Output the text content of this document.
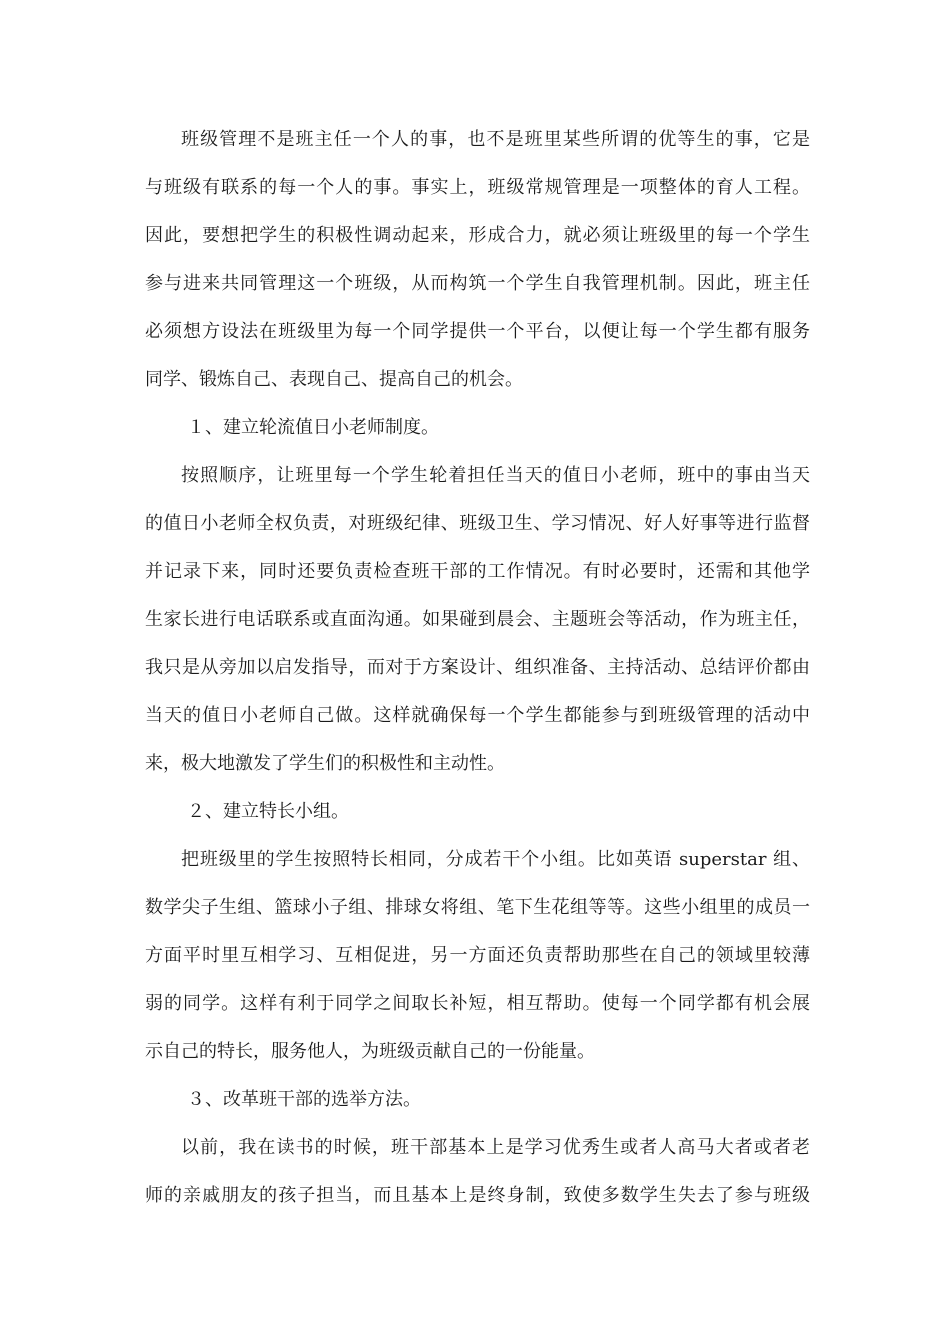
班级管理不是班主任一个人的事，也不是班里某些所谓的优等生的事，它是
与班级有联系的每一个人的事。事实上，班级常规管理是一项整体的育人工程。
因此，要想把学生的积极性调动起来，形成合力，就必须让班级里的每一个学生
参与进来共同管理这一个班级，从而构筑一个学生自我管理机制。因此，班主任
必须想方设法在班级里为每一个同学提供一个平台，以便让每一个学生都有服务
同学、锻炼自己、表现自己、提高自己的机会。
１、建立轮流值日小老师制度。
按照顺序，让班里每一个学生轮着担任当天的值日小老师，班中的事由当天
的值日小老师全权负责，对班级纪律、班级卫生、学习情况、好人好事等进行监督
并记录下来，同时还要负责检查班干部的工作情况。有时必要时，还需和其他学
生家长进行电话联系或直面沟通。如果碰到晨会、主题班会等活动，作为班主任，
我只是从旁加以启发指导，而对于方案设计、组织准备、主持活动、总结评价都由
当天的值日小老师自己做。这样就确保每一个学生都能参与到班级管理的活动中
来，极大地激发了学生们的积极性和主动性。
２、建立特长小组。
把班级里的学生按照特长相同，分成若干个小组。比如英语 superstar 组、
数学尖子生组、篮球小子组、排球女将组、笔下生花组等等。这些小组里的成员一
方面平时里互相学习、互相促进，另一方面还负责帮助那些在自己的领域里较薄
弱的同学。这样有利于同学之间取长补短，相互帮助。使每一个同学都有机会展
示自己的特长，服务他人，为班级贡献自己的一份能量。
３、改革班干部的选举方法。
以前，我在读书的时候，班干部基本上是学习优秀生或者人高马大者或者老
师的亲戚朋友的孩子担当，而且基本上是终身制，致使多数学生失去了参与班级
